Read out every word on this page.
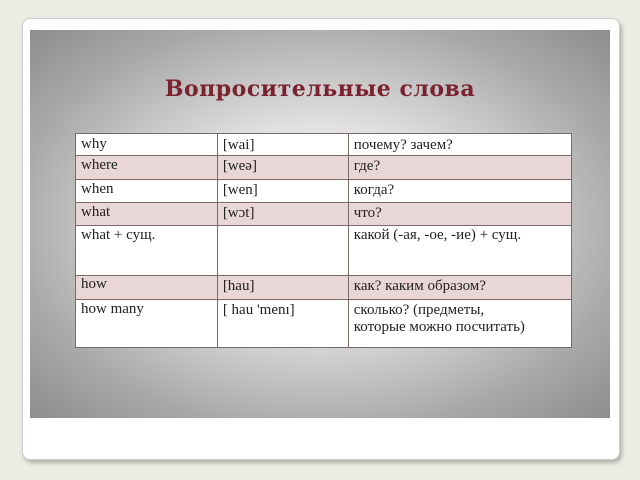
Вопросительные слова
why	[wai]	почему? зачем?
where	[weə]	где?
when	[wen]	когда?
what	[wɔt]	что?
what + сущ.		какой (-ая, -ое, -ие) + сущ.
how	[hau]	как? каким образом?
how many	[ hau 'menı]	сколько? (предметы,
которые можно посчитать)
